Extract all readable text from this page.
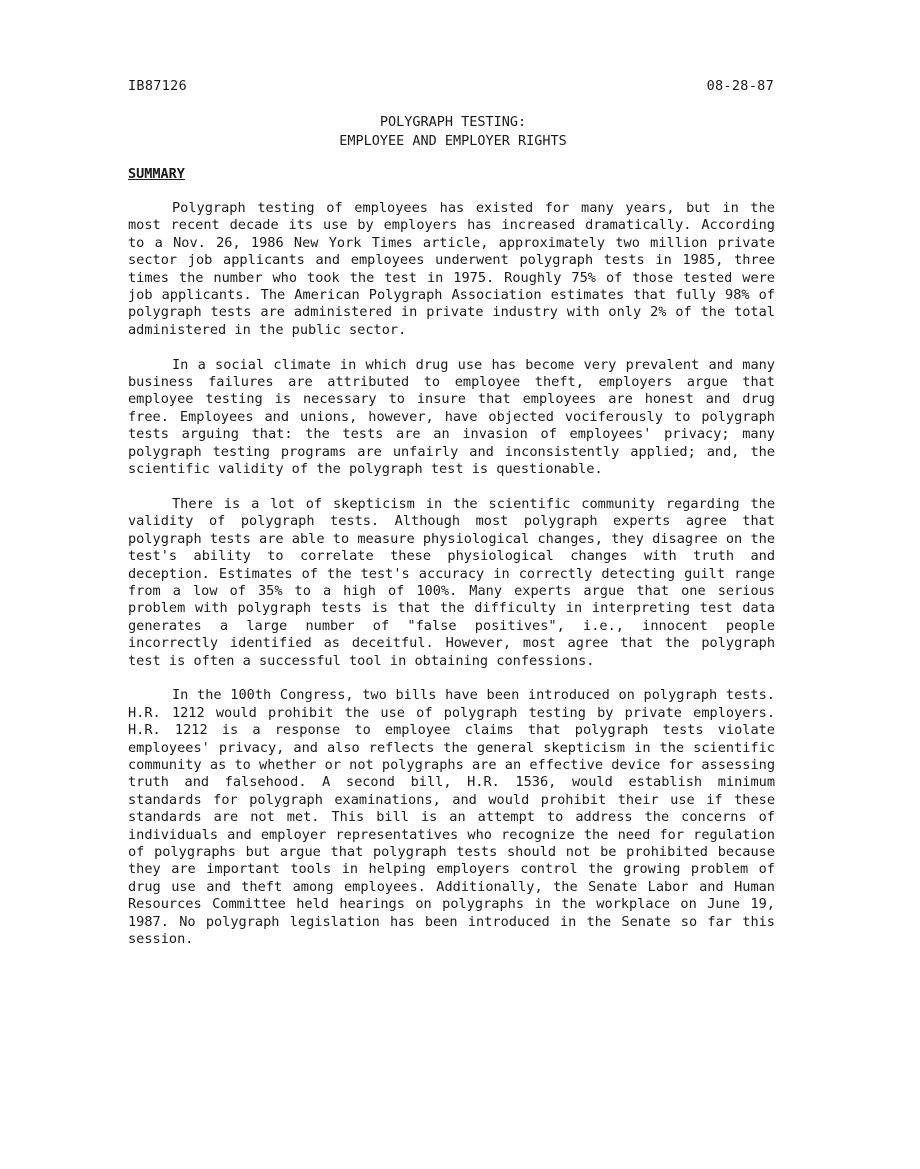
IB87126	08-28-87
POLYGRAPH TESTING:
EMPLOYEE AND EMPLOYER RIGHTS
SUMMARY

Polygraph testing of employees has existed for many years, but in the most recent decade its use by employers has increased dramatically. According to a Nov. 26, 1986 New York Times article, approximately two million private sector job applicants and employees underwent polygraph tests in 1985, three times the number who took the test in 1975. Roughly 75% of those tested were job applicants. The American Polygraph Association estimates that fully 98% of polygraph tests are administered in private industry with only 2% of the total administered in the public sector.

In a social climate in which drug use has become very prevalent and many business failures are attributed to employee theft, employers argue that employee testing is necessary to insure that employees are honest and drug free. Employees and unions, however, have objected vociferously to polygraph tests arguing that: the tests are an invasion of employees' privacy; many polygraph testing programs are unfairly and inconsistently applied; and, the scientific validity of the polygraph test is questionable.

There is a lot of skepticism in the scientific community regarding the validity of polygraph tests. Although most polygraph experts agree that polygraph tests are able to measure physiological changes, they disagree on the test's ability to correlate these physiological changes with truth and deception. Estimates of the test's accuracy in correctly detecting guilt range from a low of 35% to a high of 100%. Many experts argue that one serious problem with polygraph tests is that the difficulty in interpreting test data generates a large number of "false positives", i.e., innocent people incorrectly identified as deceitful. However, most agree that the polygraph test is often a successful tool in obtaining confessions.

In the 100th Congress, two bills have been introduced on polygraph tests. H.R. 1212 would prohibit the use of polygraph testing by private employers. H.R. 1212 is a response to employee claims that polygraph tests violate employees' privacy, and also reflects the general skepticism in the scientific community as to whether or not polygraphs are an effective device for assessing truth and falsehood. A second bill, H.R. 1536, would establish minimum standards for polygraph examinations, and would prohibit their use if these standards are not met. This bill is an attempt to address the concerns of individuals and employer representatives who recognize the need for regulation of polygraphs but argue that polygraph tests should not be prohibited because they are important tools in helping employers control the growing problem of drug use and theft among employees. Additionally, the Senate Labor and Human Resources Committee held hearings on polygraphs in the workplace on June 19, 1987. No polygraph legislation has been introduced in the Senate so far this session.
